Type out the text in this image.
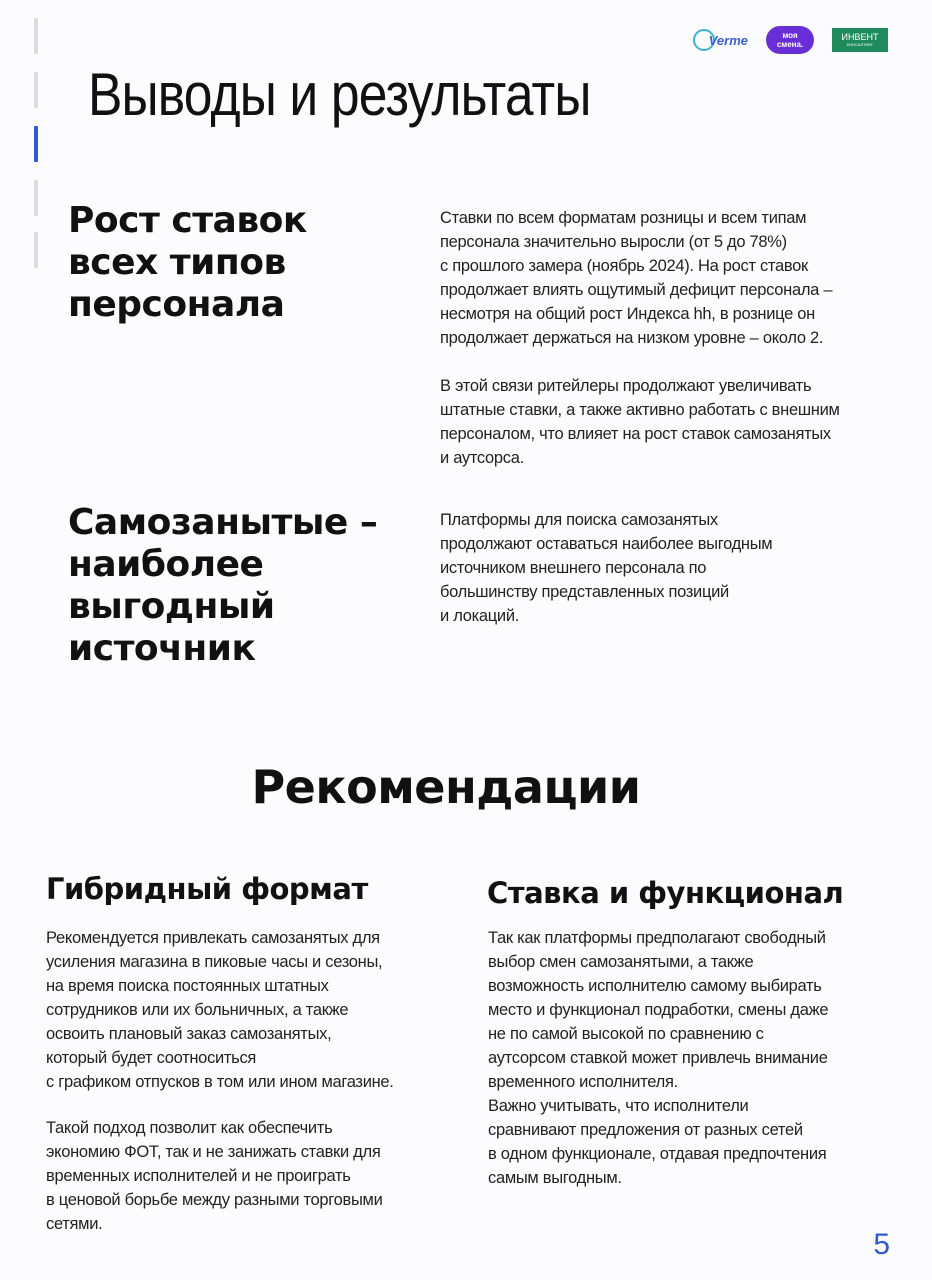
Verme	моя
смена.
ИНВЕНТ
КОНСАЛТИНГ
Выводы и результаты
Рост ставок
всех типов
персонала

Ставки по всем форматам розницы и всем типам
персонала значительно выросли (от 5 до 78%)
с прошлого замера (ноябрь 2024). На рост ставок
продолжает влиять ощутимый дефицит персонала –
несмотря на общий рост Индекса hh, в рознице он
продолжает держаться на низком уровне – около 2.

В этой связи ритейлеры продолжают увеличивать
штатные ставки, а также активно работать с внешним
персоналом, что влияет на рост ставок самозанятых
и аутсорса.

Самозанытые –
наиболее
выгодный
источник

Платформы для поиска самозанятых
продолжают оставаться наиболее выгодным
источником внешнего персонала по
большинству представленных позиций
и локаций.

Рекомендации
Гибридный формат

Рекомендуется привлекать самозанятых для
усиления магазина в пиковые часы и сезоны,
на время поиска постоянных штатных
сотрудников или их больничных, а также
освоить плановый заказ самозанятых,
который будет соотноситься
с графиком отпусков в том или ином магазине.

Такой подход позволит как обеспечить
экономию ФОТ, так и не занижать ставки для
временных исполнителей и не проиграть
в ценовой борьбе между разными торговыми
сетями.

Ставка и функционал

Так как платформы предполагают свободный
выбор смен самозанятыми, а также
возможность исполнителю самому выбирать
место и функционал подработки, смены даже
не по самой высокой по сравнению с
аутсорсом ставкой может привлечь внимание
временного исполнителя.
Важно учитывать, что исполнители
сравнивают предложения от разных сетей
в одном функционале, отдавая предпочтения
самым выгодным.

5
